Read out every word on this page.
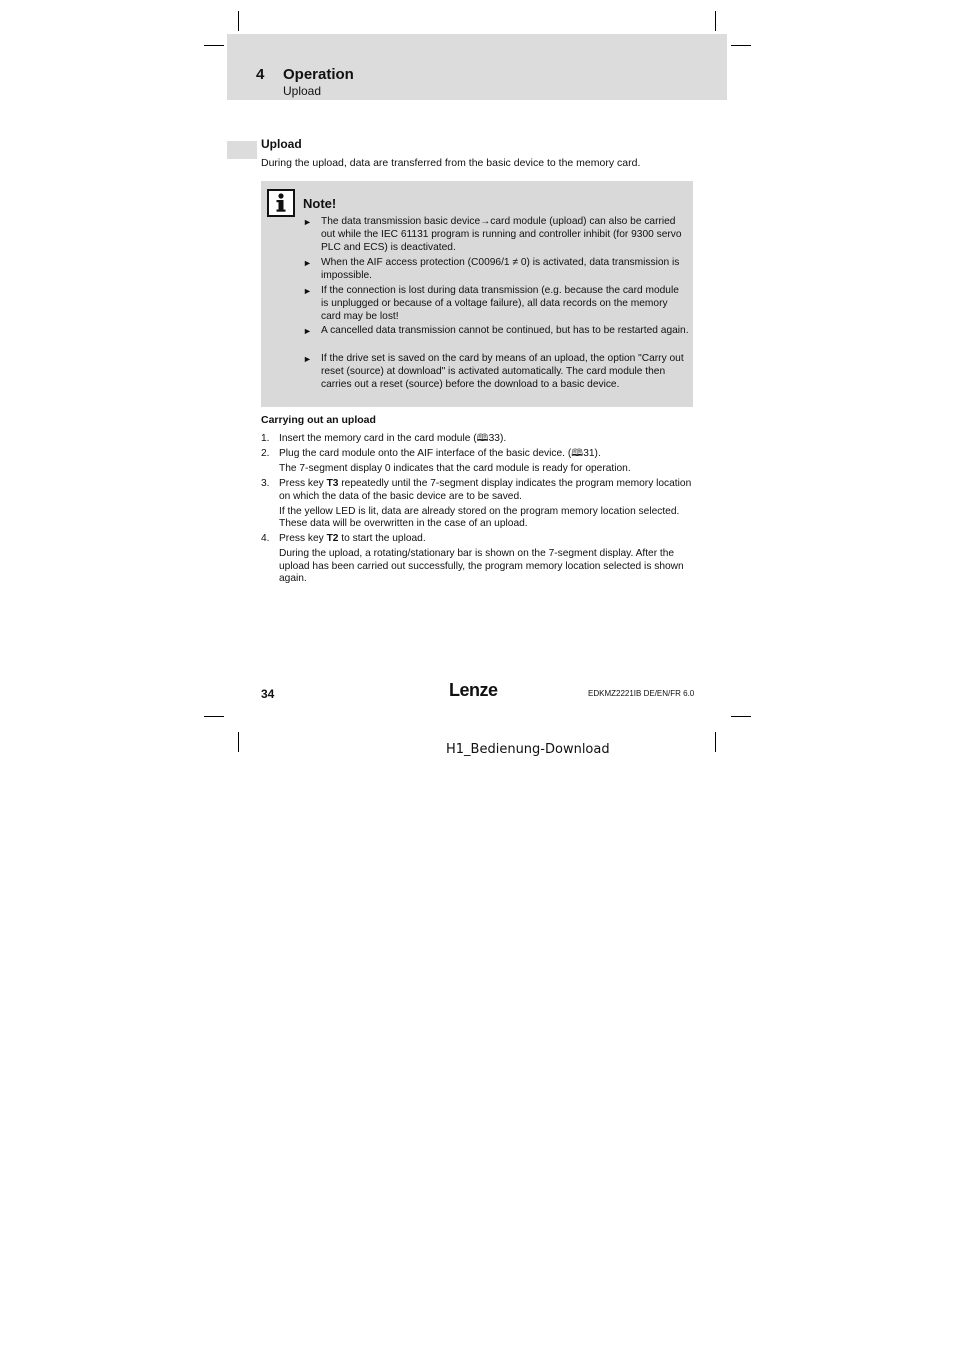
4 Operation
Upload
Upload
During the upload, data are transferred from the basic device to the memory card.
Note!
► The data transmission basic device→card module (upload) can also be carried out while the IEC 61131 program is running and controller inhibit (for 9300 servo PLC and ECS) is deactivated.
► When the AIF access protection (C0096/1 ≠ 0) is activated, data transmission is impossible.
► If the connection is lost during data transmission (e.g. because the card module is unplugged or because of a voltage failure), all data records on the memory card may be lost!
► A cancelled data transmission cannot be continued, but has to be restarted again.
► If the drive set is saved on the card by means of an upload, the option "Carry out reset (source) at download" is activated automatically. The card module then carries out a reset (source) before the download to a basic device.
Carrying out an upload
1. Insert the memory card in the card module (🕮33).
2. Plug the card module onto the AIF interface of the basic device. (🕮31).

The 7-segment display 0 indicates that the card module is ready for operation.
3. Press key T3 repeatedly until the 7-segment display indicates the program memory location on which the data of the basic device are to be saved.
If the yellow LED is lit, data are already stored on the program memory location selected. These data will be overwritten in the case of an upload.
4. Press key T2 to start the upload.
During the upload, a rotating/stationary bar is shown on the 7-segment display. After the upload has been carried out successfully, the program memory location selected is shown again.
34	Lenze	EDKMZ2221IB DE/EN/FR 6.0
H1_Bedienung-Download
